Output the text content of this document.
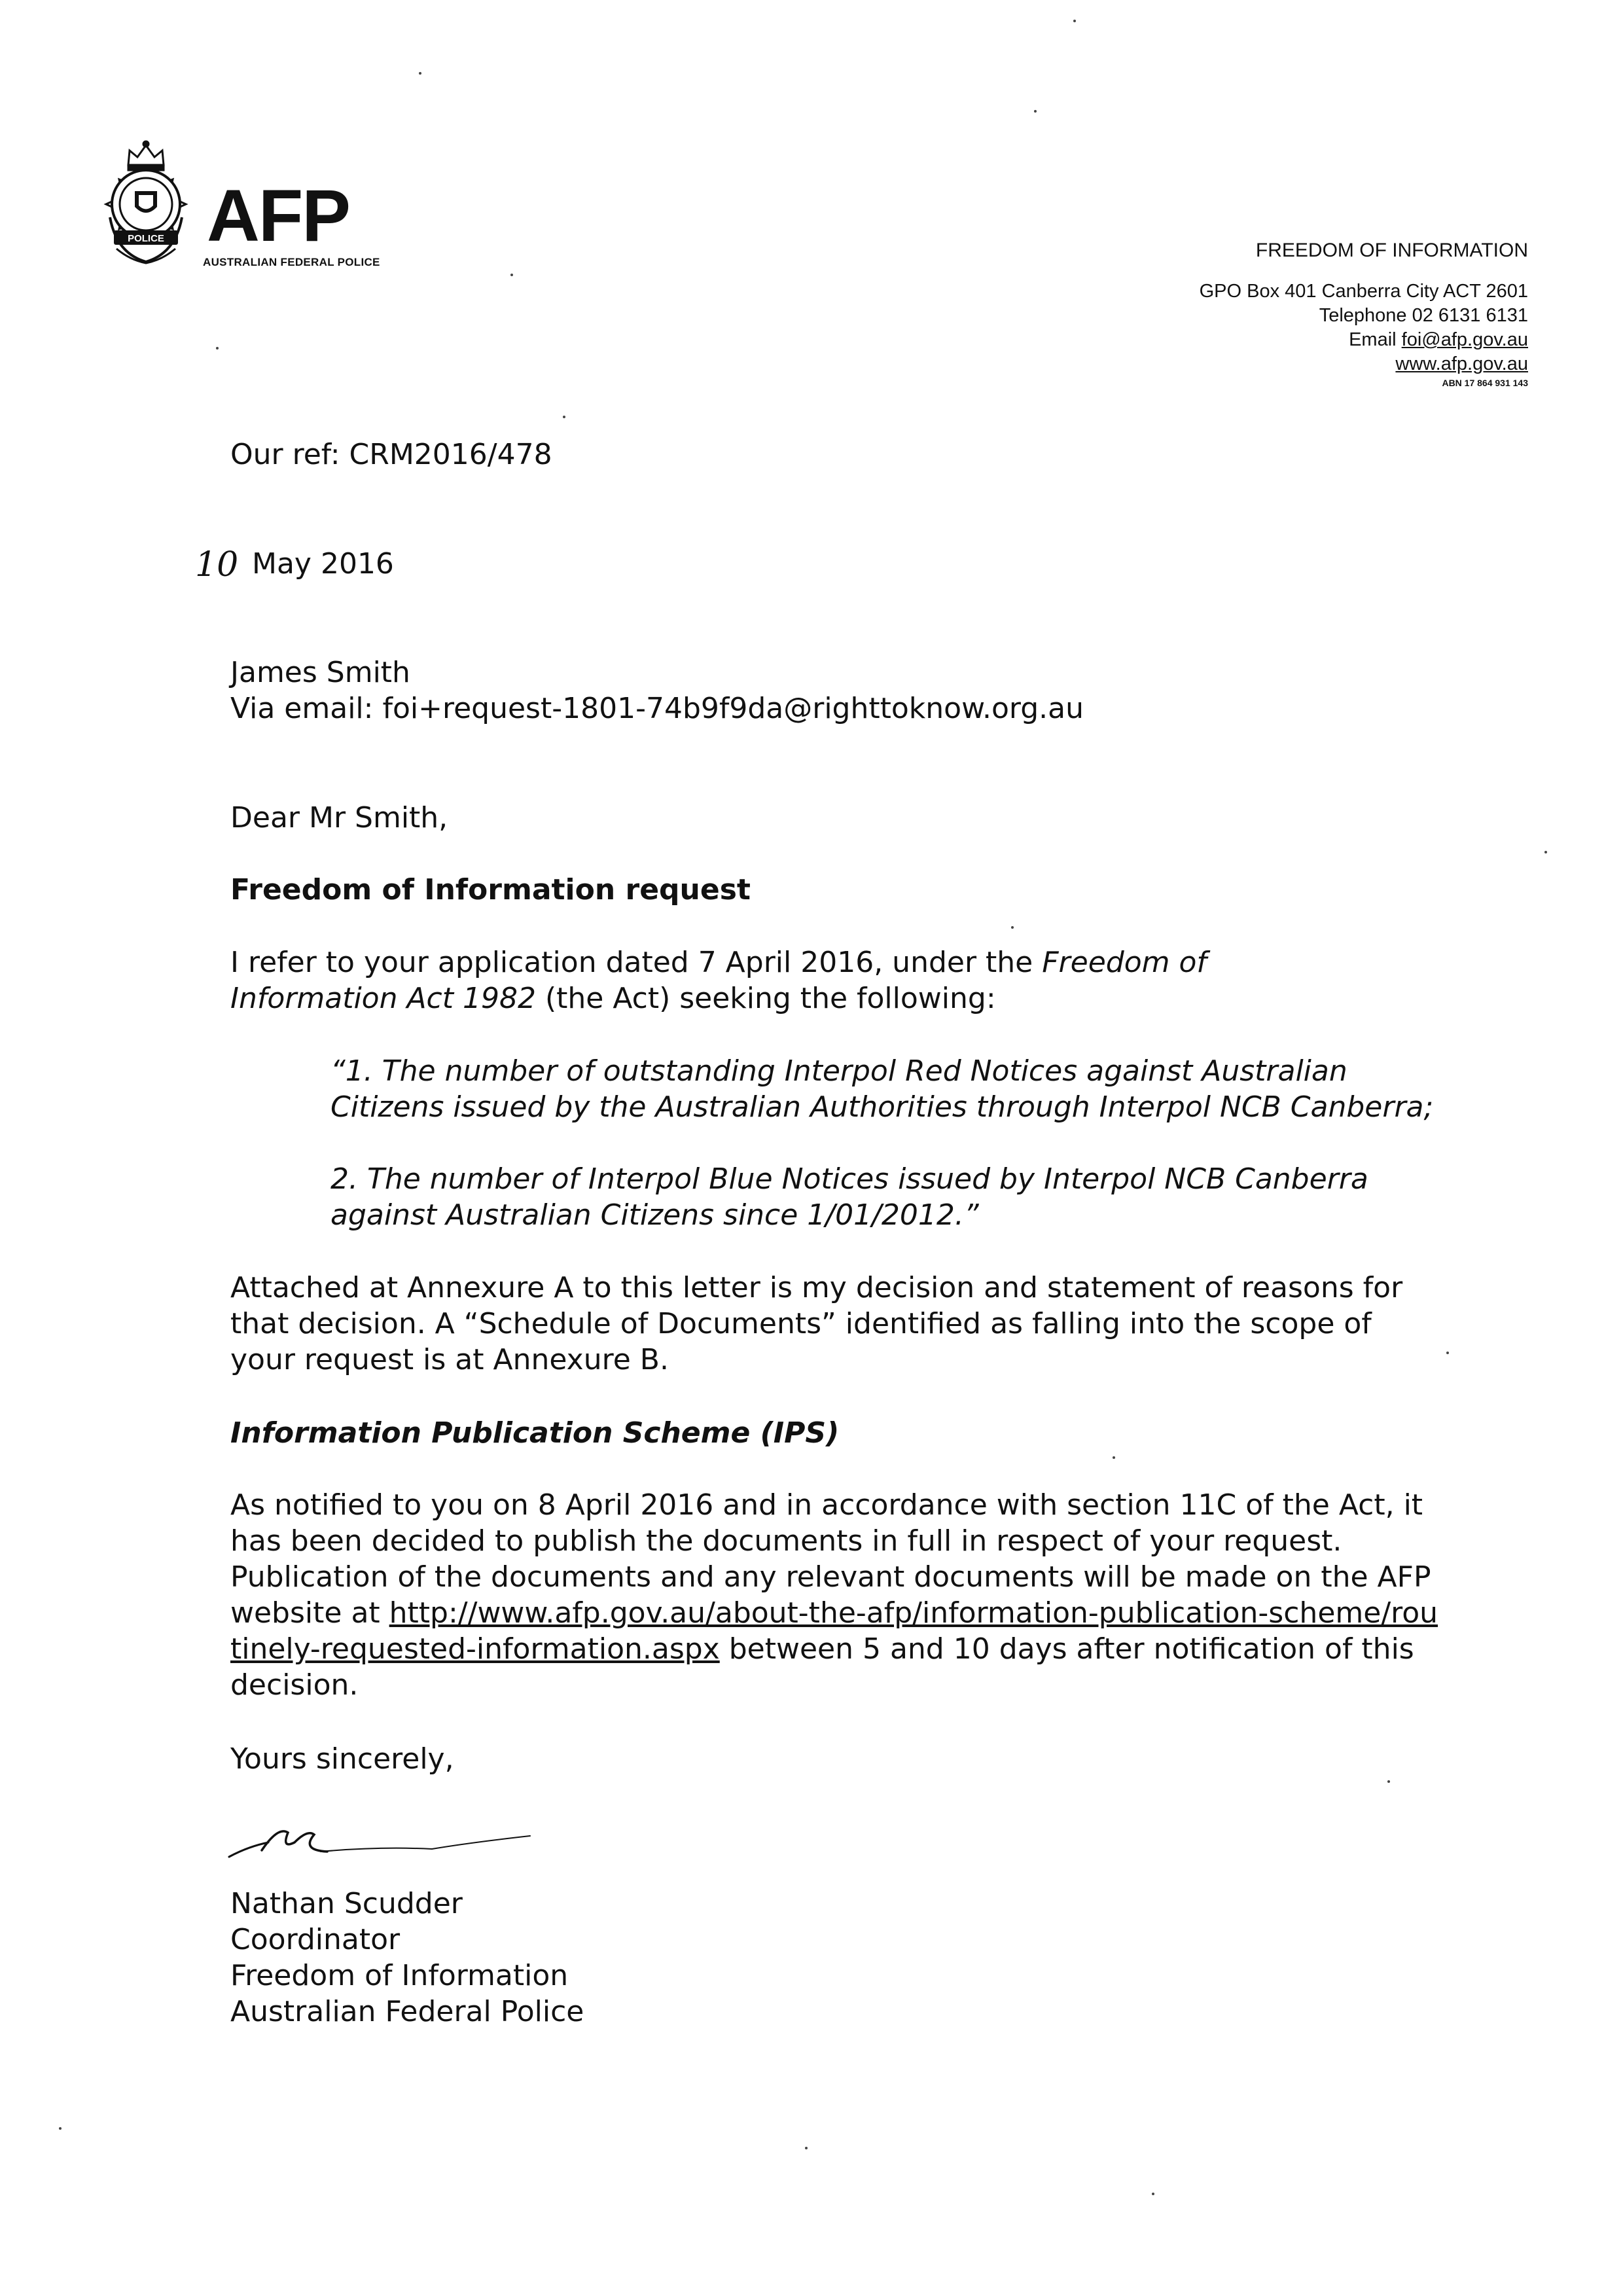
POLICE AFP
AUSTRALIAN FEDERAL POLICE
FREEDOM OF INFORMATION
GPO Box 401 Canberra City ACT 2601
Telephone 02 6131 6131
Email foi@afp.gov.au
www.afp.gov.au
ABN 17 864 931 143
Our ref: CRM2016/478
10 May 2016
James Smith
Via email: foi+request-1801-74b9f9da@righttoknow.org.au
Dear Mr Smith,
Freedom of Information request
I refer to your application dated 7 April 2016, under the Freedom of Information Act 1982 (the Act) seeking the following:
“1. The number of outstanding Interpol Red Notices against Australian Citizens issued by the Australian Authorities through Interpol NCB Canberra;
2. The number of Interpol Blue Notices issued by Interpol NCB Canberra against Australian Citizens since 1/01/2012.”
Attached at Annexure A to this letter is my decision and statement of reasons for that decision. A “Schedule of Documents” identified as falling into the scope of your request is at Annexure B.
Information Publication Scheme (IPS)
As notified to you on 8 April 2016 and in accordance with section 11C of the Act, it has been decided to publish the documents in full in respect of your request. Publication of the documents and any relevant documents will be made on the AFP website at http://www.afp.gov.au/about-the-afp/information-publication-scheme/routinely-requested-information.aspx between 5 and 10 days after notification of this decision.
Yours sincerely,
Nathan Scudder
Coordinator
Freedom of Information
Australian Federal Police
